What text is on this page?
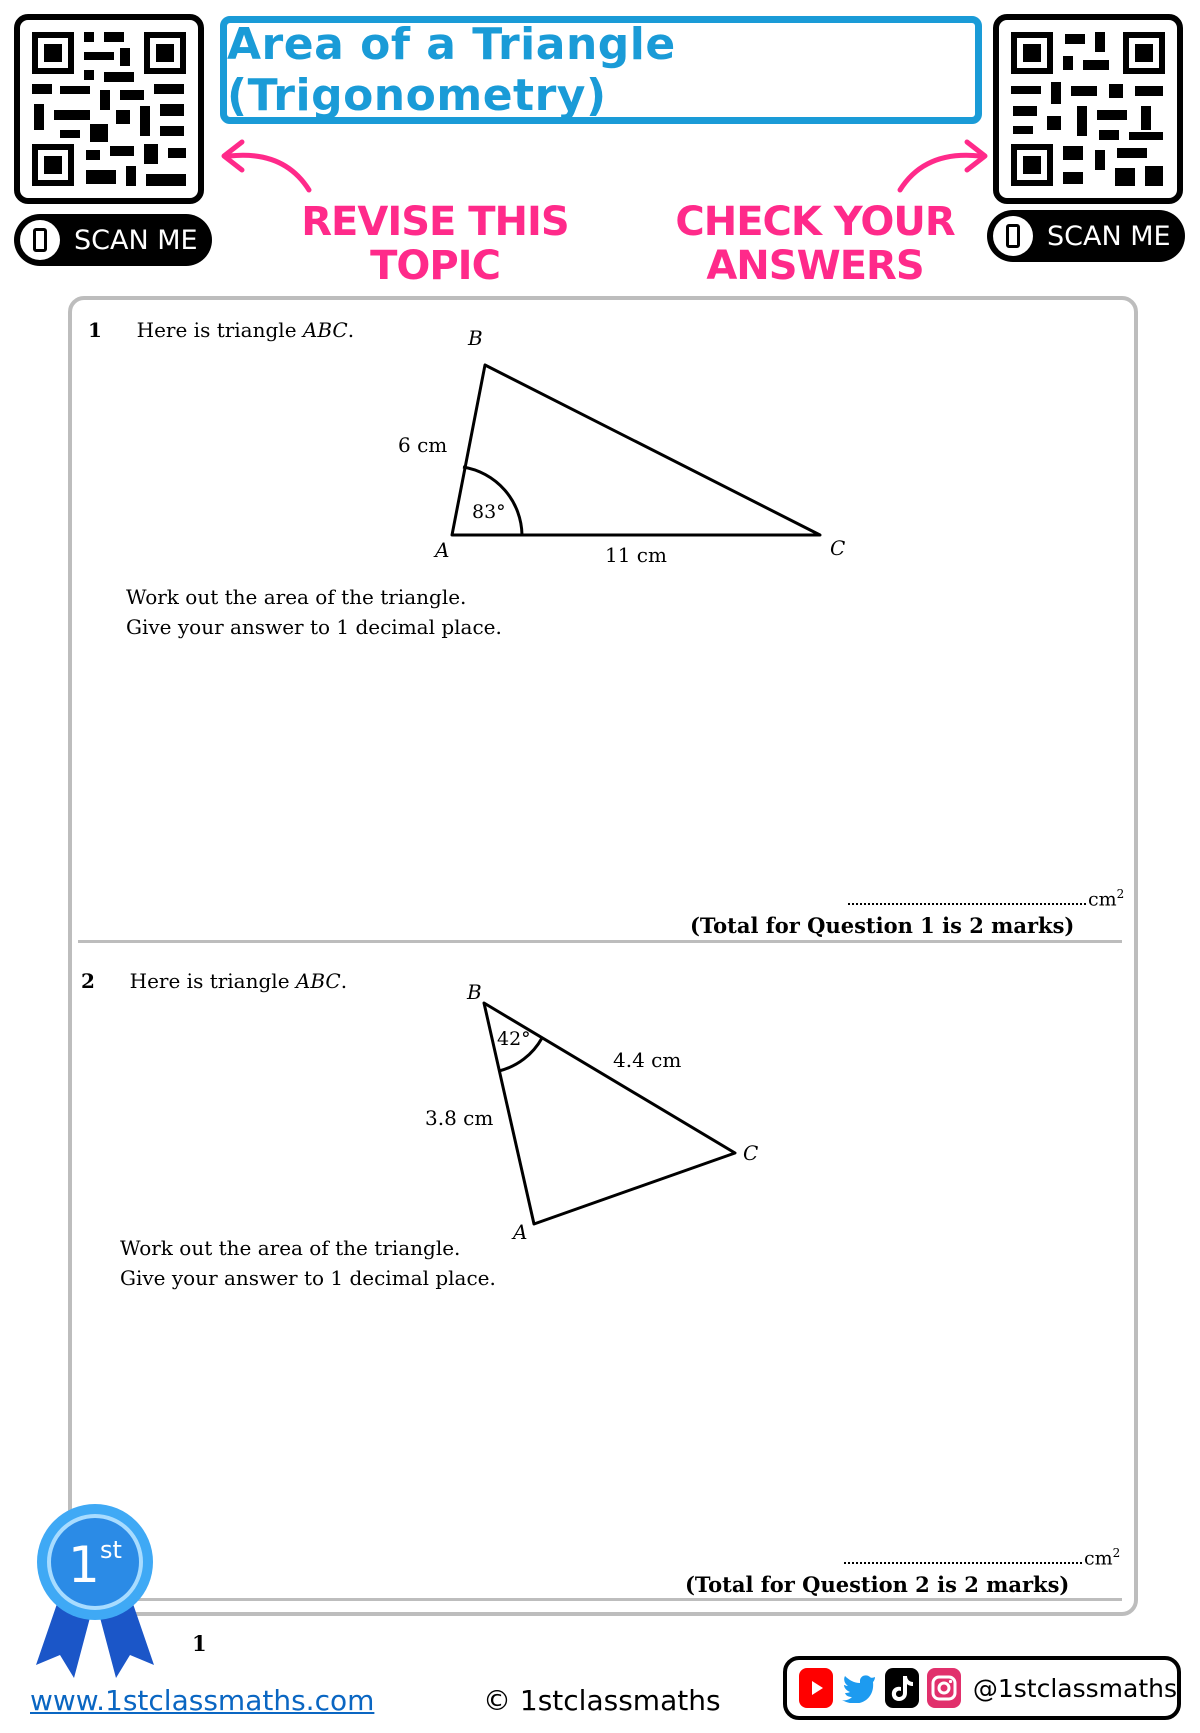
SCAN ME
Area of a Triangle (Trigonometry)
SCAN ME
REVISE THIS
TOPIC
CHECK YOUR
ANSWERS
1 Here is triangle ABC.	B
A	C
6 cm
11 cm
83°
Work out the area of the triangle.
Give your answer to 1 decimal place.
$cm^2$
(Total for Question 1 is 2 marks)
2 Here is triangle ABC.	B
A
C
4.4 cm
3.8 cm
42°
Work out the area of the triangle.
Give your answer to 1 decimal place.
$cm^2$
(Total for Question 2 is 2 marks)
1 st
1
www.1stclassmaths.com	© 1stclassmaths	@1stclassmaths
